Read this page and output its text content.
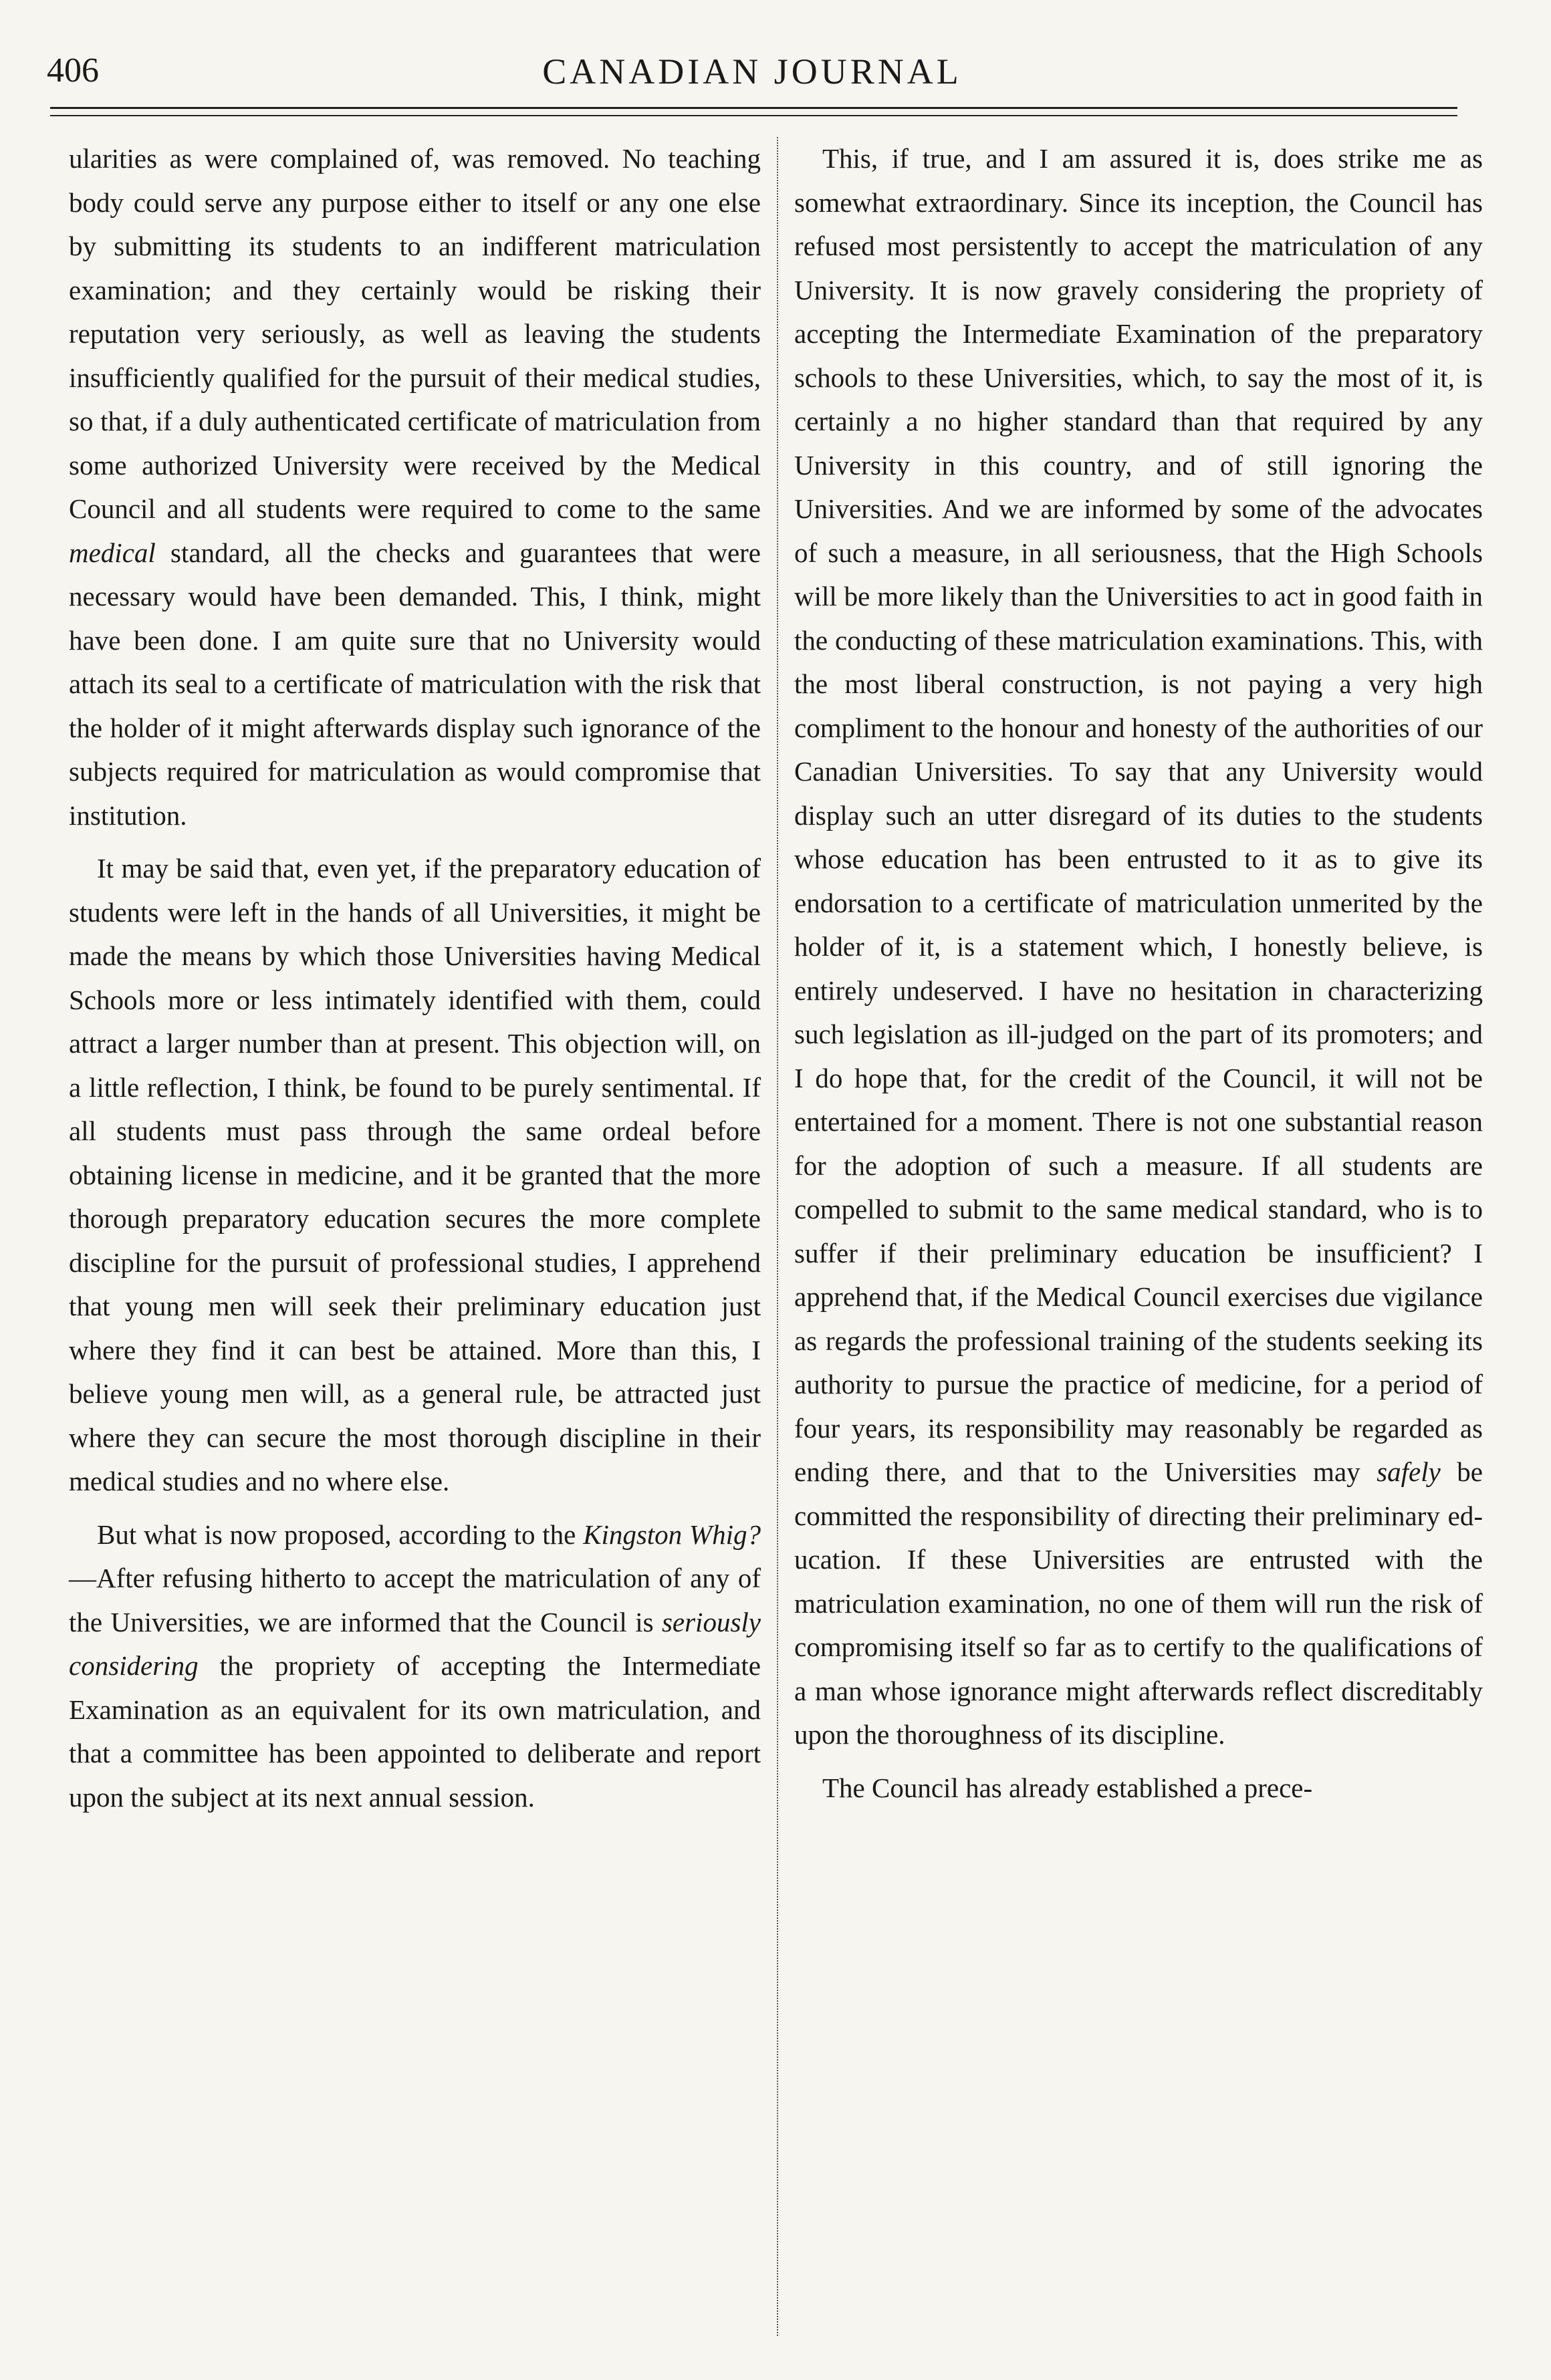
406	CANADIAN JOURNAL

ularities as were complained of, was removed. No teaching body could serve any purpose either to itself or any one else by submitting its students to an indifferent matriculation examination; and they certainly would be risking their reputation very seriously, as well as leaving the students insufficiently qualified for the pursuit of their medical studies, so that, if a duly authenticated certificate of matriculation from some authorized University were received by the Medical Council and all students were required to come to the same medical standard, all the checks and guarantees that were necessary would have been demanded. This, I think, might have been done. I am quite sure that no University would attach its seal to a certificate of matriculation with the risk that the holder of it might afterwards display such ignorance of the subjects required for matriculation as would compromise that institution.

It may be said that, even yet, if the preparatory education of students were left in the hands of all Universities, it might be made the means by which those Universities having Medical Schools more or less intimately identified with them, could attract a larger number than at present. This objection will, on a little reflection, I think, be found to be purely sentimental. If all students must pass through the same ordeal before obtaining license in medicine, and it be granted that the more thorough preparatory education secures the more complete discipline for the pursuit of professional studies, I apprehend that young men will seek their preliminary education just where they find it can best be attained. More than this, I believe young men will, as a general rule, be attracted just where they can secure the most thorough discipline in their medical studies and no where else.

But what is now proposed, according to the Kingston Whig?—After refusing hitherto to accept the matriculation of any of the Universities, we are informed that the Council is seriously considering the propriety of accepting the Intermediate Examination as an equivalent for its own matriculation, and that a committee has been appointed to deliberate and report upon the subject at its next annual session.

This, if true, and I am assured it is, does strike me as somewhat extraordinary. Since its inception, the Council has refused most persistently to accept the matriculation of any University. It is now gravely considering the propriety of accepting the Intermediate Examination of the preparatory schools to these Universities, which, to say the most of it, is certainly a no higher standard than that required by any University in this country, and of still ignoring the Universities. And we are informed by some of the advocates of such a measure, in all seriousness, that the High Schools will be more likely than the Universities to act in good faith in the conducting of these matriculation examinations. This, with the most liberal construction, is not paying a very high compliment to the honour and honesty of the authorities of our Canadian Universities. To say that any University would display such an utter disregard of its duties to the students whose education has been entrusted to it as to give its endorsation to a certificate of matriculation unmerited by the holder of it, is a statement which, I honestly believe, is entirely undeserved. I have no hesitation in characterizing such legislation as ill-judged on the part of its promoters; and I do hope that, for the credit of the Council, it will not be entertained for a moment. There is not one substantial reason for the adoption of such a measure. If all students are compelled to submit to the same medical standard, who is to suffer if their preliminary education be insufficient? I apprehend that, if the Medical Council exercises due vigilance as regards the professional training of the students seeking its authority to pursue the practice of medicine, for a period of four years, its responsibility may reasonably be regarded as ending there, and that to the Universities may safely be committed the responsibility of directing their preliminary education. If these Universities are entrusted with the matriculation examination, no one of them will run the risk of compromising itself so far as to certify to the qualifications of a man whose ignorance might afterwards reflect discreditably upon the thoroughness of its discipline.

The Council has already established a prece-
